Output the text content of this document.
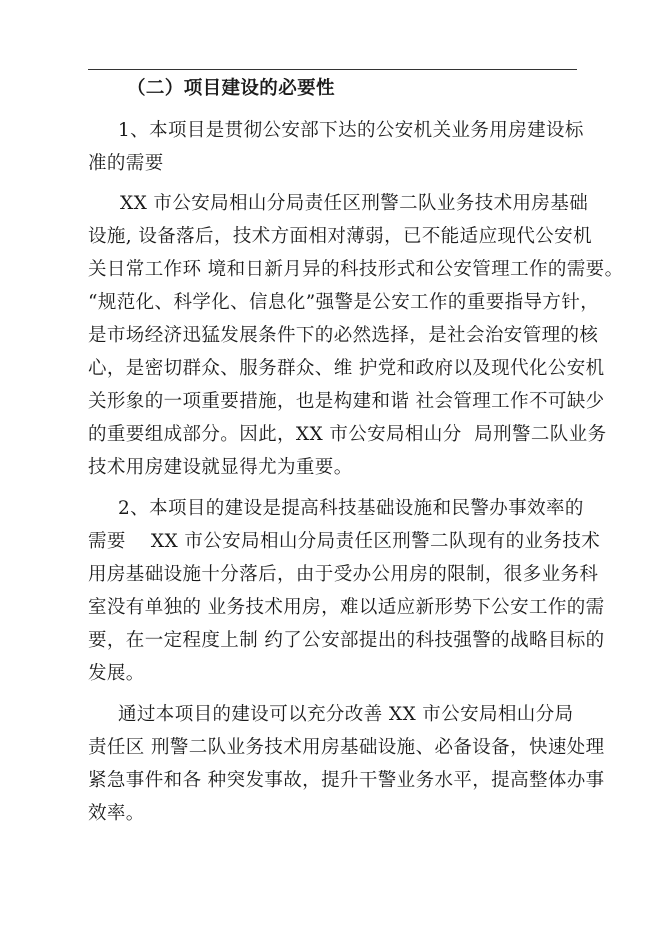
（二）项目建设的必要性
1、本项目是贯彻公安部下达的公安机关业务用房建设标
准的需要
XX 市公安局相山分局责任区刑警二队业务技术用房基础
设施, 设备落后，技术方面相对薄弱，已不能适应现代公安机
关日常工作环 境和日新月异的科技形式和公安管理工作的需要。
“规范化、科学化、信息化”强警是公安工作的重要指导方针，
是市场经济迅猛发展条件下的必然选择，是社会治安管理的核
心，是密切群众、服务群众、维 护党和政府以及现代化公安机
关形象的一项重要措施，也是构建和谐 社会管理工作不可缺少
的重要组成部分。因此，XX 市公安局相山分  局刑警二队业务
技术用房建设就显得尤为重要。
2、本项目的建设是提高科技基础设施和民警办事效率的
需要    XX 市公安局相山分局责任区刑警二队现有的业务技术
用房基础设施十分落后，由于受办公用房的限制，很多业务科
室没有单独的 业务技术用房，难以适应新形势下公安工作的需
要，在一定程度上制 约了公安部提出的科技强警的战略目标的
发展。
通过本项目的建设可以充分改善 XX 市公安局相山分局
责任区 刑警二队业务技术用房基础设施、必备设备，快速处理
紧急事件和各 种突发事故，提升干警业务水平，提高整体办事
效率。
